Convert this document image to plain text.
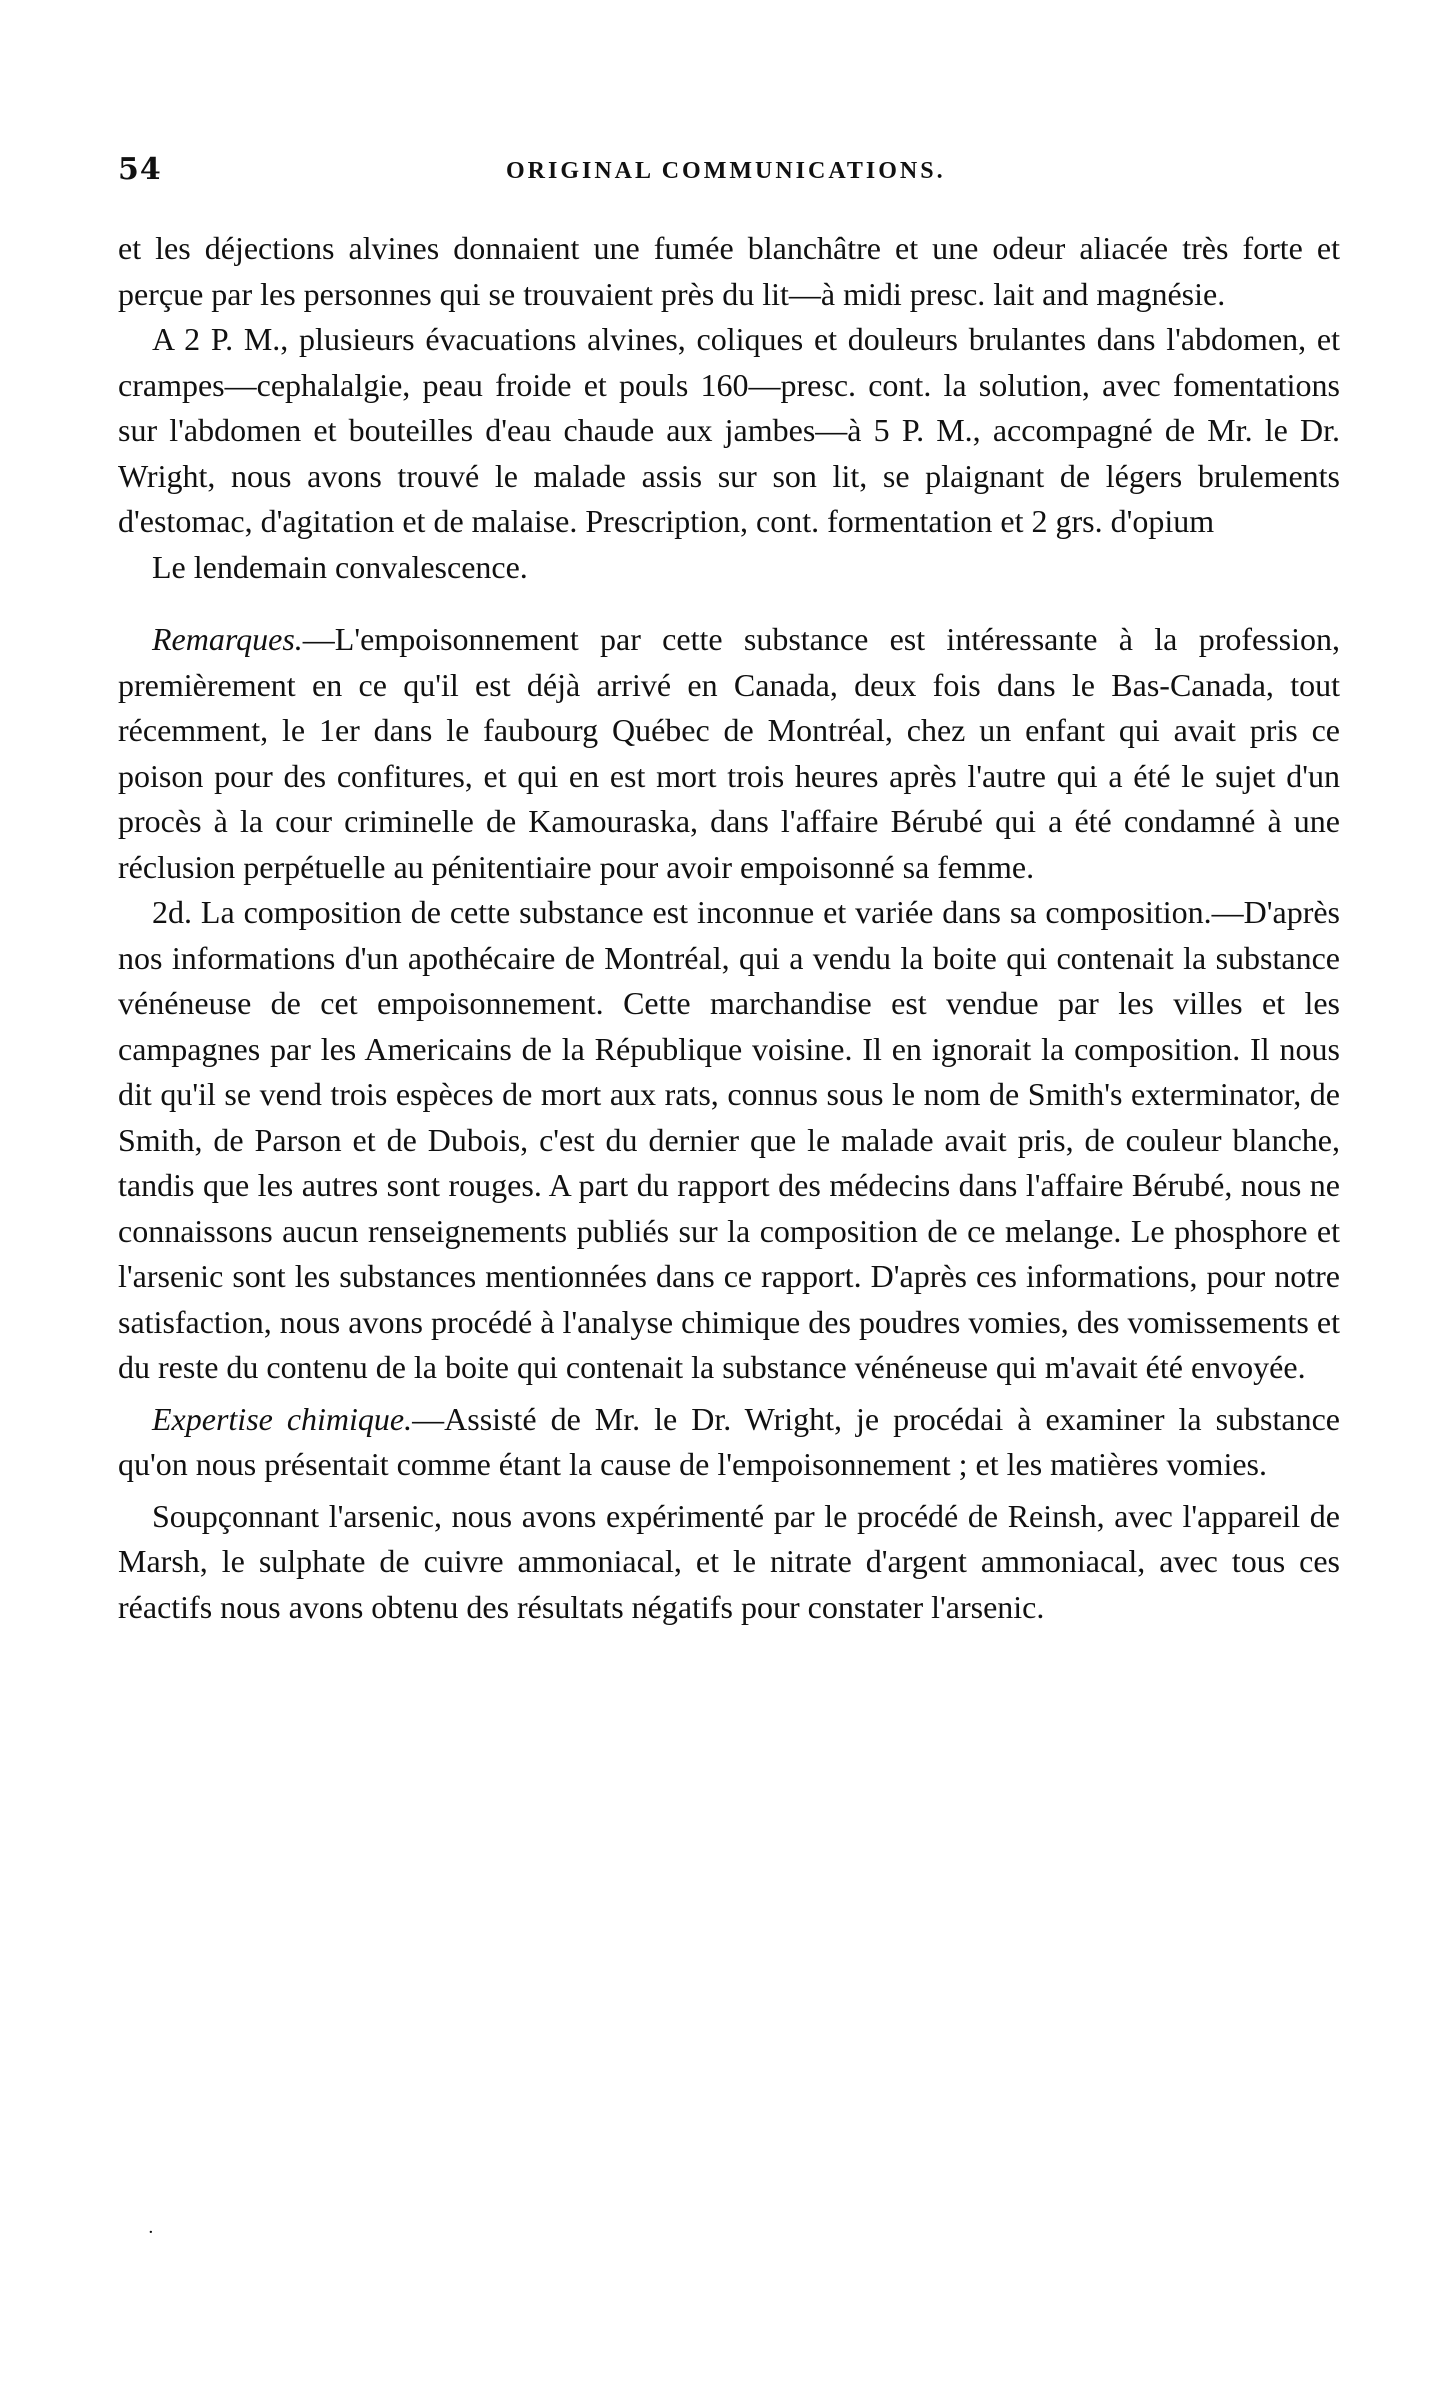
54	ORIGINAL COMMUNICATIONS.

et les déjections alvines donnaient une fumée blanchâtre et une odeur aliacée très forte et perçue par les personnes qui se trouvaient près du lit—à midi presc. lait and magnésie.

A 2 P. M., plusieurs évacuations alvines, coliques et douleurs brulantes dans l'abdomen, et crampes—cephalalgie, peau froide et pouls 160—presc. cont. la solution, avec fomentations sur l'abdomen et bouteilles d'eau chaude aux jambes—à 5 P. M., accompagné de Mr. le Dr. Wright, nous avons trouvé le malade assis sur son lit, se plaignant de légers brulements d'estomac, d'agitation et de malaise. Prescription, cont. formentation et 2 grs. d'opium

Le lendemain convalescence.

Remarques.—L'empoisonnement par cette substance est intéressante à la profession, premièrement en ce qu'il est déjà arrivé en Canada, deux fois dans le Bas-Canada, tout récemment, le 1er dans le faubourg Québec de Montréal, chez un enfant qui avait pris ce poison pour des confitures, et qui en est mort trois heures après l'autre qui a été le sujet d'un procès à la cour criminelle de Kamouraska, dans l'affaire Bérubé qui a été condamné à une réclusion perpétuelle au pénitentiaire pour avoir empoisonné sa femme.

2d. La composition de cette substance est inconnue et variée dans sa composition.—D'après nos informations d'un apothécaire de Montréal, qui a vendu la boite qui contenait la substance vénéneuse de cet empoisonnement. Cette marchandise est vendue par les villes et les campagnes par les Americains de la République voisine. Il en ignorait la composition. Il nous dit qu'il se vend trois espèces de mort aux rats, connus sous le nom de Smith's exterminator, de Smith, de Parson et de Dubois, c'est du dernier que le malade avait pris, de couleur blanche, tandis que les autres sont rouges. A part du rapport des médecins dans l'affaire Bérubé, nous ne connaissons aucun renseignements publiés sur la composition de ce melange. Le phosphore et l'arsenic sont les substances mentionnées dans ce rapport. D'après ces informations, pour notre satisfaction, nous avons procédé à l'analyse chimique des poudres vomies, des vomissements et du reste du contenu de la boite qui contenait la substance vénéneuse qui m'avait été envoyée.

Expertise chimique.—Assisté de Mr. le Dr. Wright, je procédai à examiner la substance qu'on nous présentait comme étant la cause de l'empoisonnement ; et les matières vomies.

Soupçonnant l'arsenic, nous avons expérimenté par le procédé de Reinsh, avec l'appareil de Marsh, le sulphate de cuivre ammoniacal, et le nitrate d'argent ammoniacal, avec tous ces réactifs nous avons obtenu des résultats négatifs pour constater l'arsenic.

·
